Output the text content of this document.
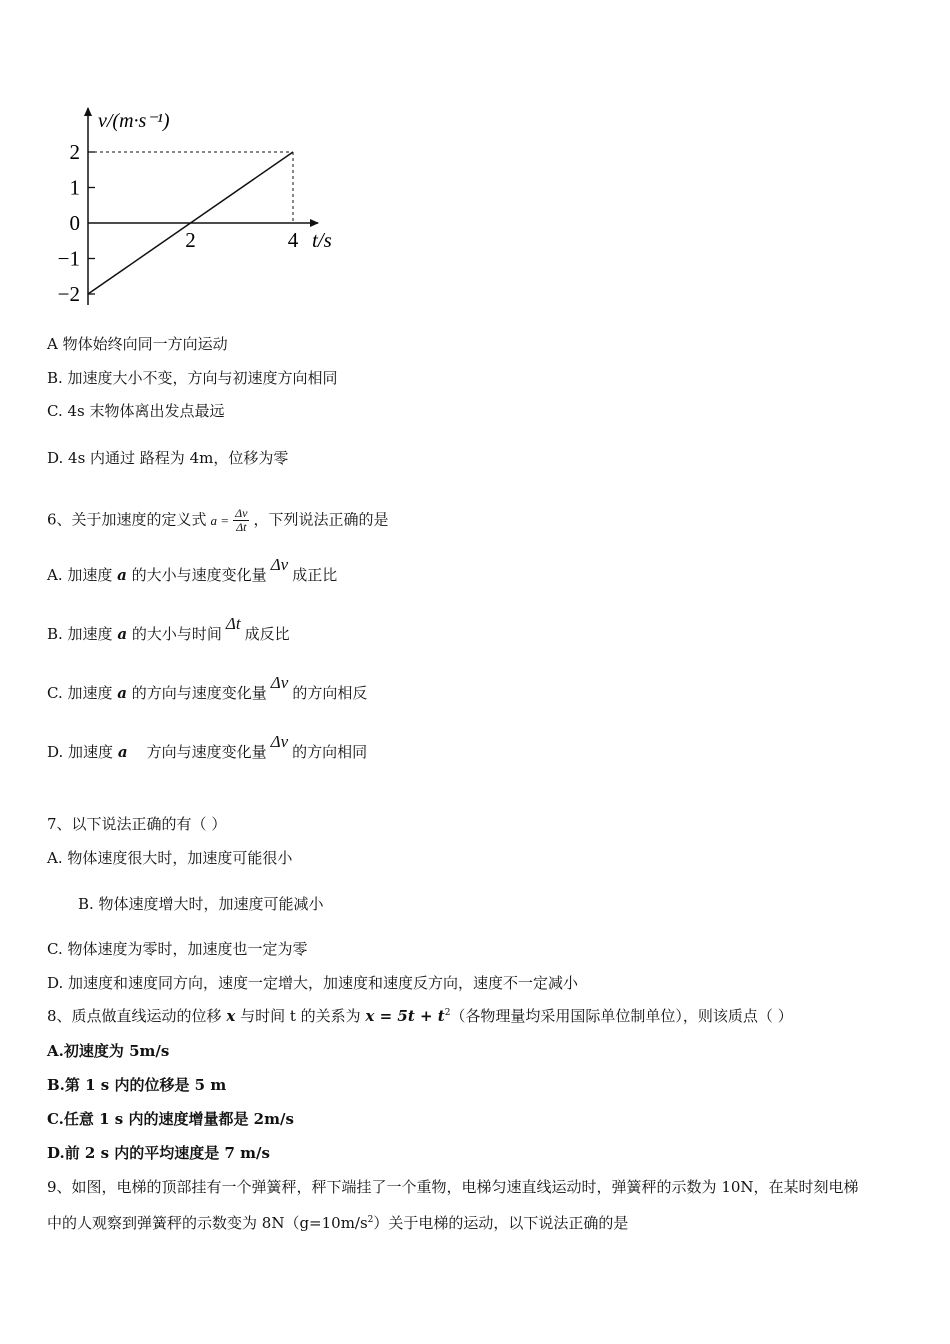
2
1
0
−1
−2
2	4
v/(m·s⁻¹)
t/s
A 物体始终向同一方向运动
B. 加速度大小不变，方向与初速度方向相同
C. 4s 末物体离出发点最远
D. 4s 内通过 路程为 4m，位移为零
6、关于加速度的定义式 $a = \frac{\Delta v}{\Delta t}$ ，下列说法正确的是
A. 加速度 a 的大小与速度变化量Δv成正比
B. 加速度 a 的大小与时间Δt成反比
C. 加速度 a 的方向与速度变化量Δv的方向相反
D. 加速度 a 方向与速度变化量Δv的方向相同
7、以下说法正确的有（ ）
A. 物体速度很大时，加速度可能很小
B. 物体速度增大时，加速度可能减小
C. 物体速度为零时，加速度也一定为零
D. 加速度和速度同方向，速度一定增大，加速度和速度反方向，速度不一定减小
8、质点做直线运动的位移 x 与时间 t 的关系为 $x = 5t + t^2$（各物理量均采用国际单位制单位），则该质点（ ）
A.初速度为 5m/s
B.第 1 s 内的位移是 5 m
C.任意 1 s 内的速度增量都是 2m/s
D.前 2 s 内的平均速度是 7 m/s
9、如图，电梯的顶部挂有一个弹簧秤，秤下端挂了一个重物，电梯匀速直线运动时，弹簧秤的示数为 10N，在某时刻电梯
中的人观察到弹簧秤的示数变为 $8N(g=10m/s^2)$关于电梯的运动，以下说法正确的是
